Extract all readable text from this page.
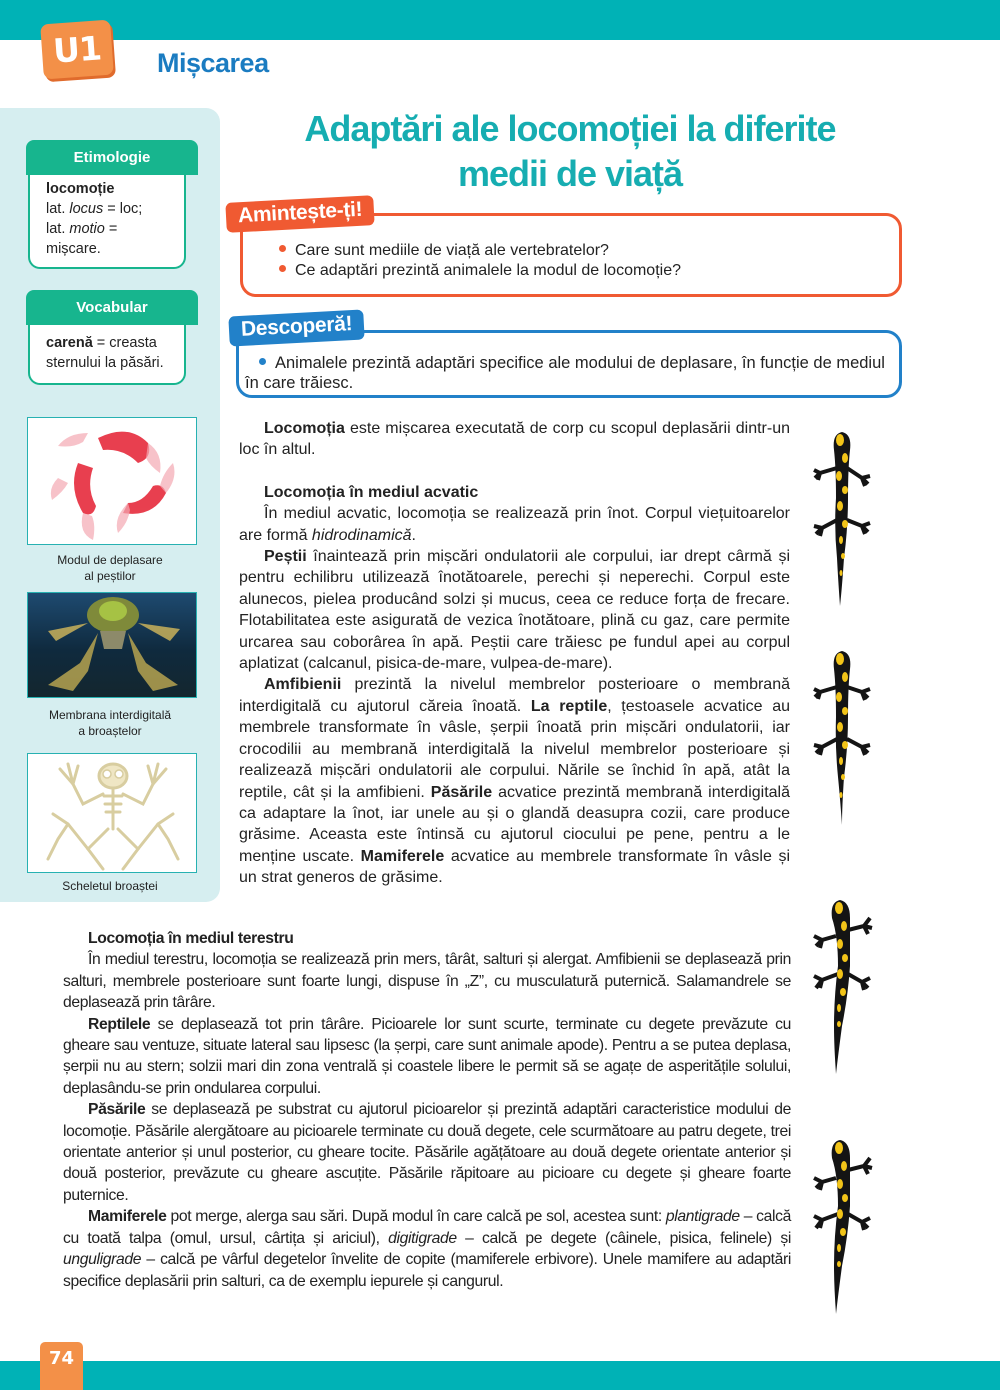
U1 Mișcarea
Etimologie
locomoție
lat. locus = loc;
lat. motio = mișcare.
Vocabular
carenă = creasta sternului la păsări.
Modul de deplasare
al peștilor
Membrana interdigitală
a broaștelor
Scheletul broaștei
Adaptări ale locomoției la diferite
medii de viață
Care sunt mediile de viață ale vertebratelor?
Ce adaptări prezintă animalele la modul de locomoție?
Amintește-ți!
Animalele prezintă adaptări specifice ale modului de deplasare, în funcție de mediul în care trăiesc.
Descoperă!

Locomoția este mișcarea executată de corp cu scopul deplasării dintr-un loc în altul.

Locomoția în mediul acvatic

În mediul acvatic, locomoția se realizează prin înot. Corpul viețuitoarelor are formă hidrodinamică.

Peștii înaintează prin mișcări ondulatorii ale corpului, iar drept cârmă și pentru echilibru utilizează înotătoarele, perechi și neperechi. Corpul este alunecos, pielea producând solzi și mucus, ceea ce reduce forța de frecare. Flotabilitatea este asigurată de vezica înotătoare, plină cu gaz, care permite urcarea sau coborârea în apă. Peștii care trăiesc pe fundul apei au corpul aplatizat (calcanul, pisica-de-mare, vulpea-de-mare).

Amfibienii prezintă la nivelul membrelor posterioare o membrană interdigitală cu ajutorul căreia înoată. La reptile, țestoasele acvatice au membrele transformate în vâsle, șerpii înoată prin mișcări ondulatorii, iar crocodilii au membrană interdigitală la nivelul membrelor posterioare și realizează mișcări ondulatorii ale corpului. Nările se închid în apă, atât la reptile, cât și la amfibieni. Păsările acvatice prezintă membrană interdigitală ca adaptare la înot, iar unele au și o glandă deasupra cozii, care produce grăsime. Aceasta este întinsă cu ajutorul ciocului pe pene, pentru a le menține uscate. Mamiferele acvatice au membrele transformate în vâsle și un strat generos de grăsime.

Locomoția în mediul terestru

În mediul terestru, locomoția se realizează prin mers, târât, salturi și alergat. Amfibienii se deplasează prin salturi, membrele posterioare sunt foarte lungi, dispuse în „Z”, cu musculatură puternică. Salamandrele se deplasează prin târâre.

Reptilele se deplasează tot prin târâre. Picioarele lor sunt scurte, terminate cu degete prevăzute cu gheare sau ventuze, situate lateral sau lipsesc (la șerpi, care sunt animale apode). Pentru a se putea deplasa, șerpii nu au stern; solzii mari din zona ventrală și coastele libere le permit să se agațe de asperitățile solului, deplasându-se prin ondularea corpului.

Păsările se deplasează pe substrat cu ajutorul picioarelor și prezintă adaptări caracteristice modului de locomoție. Păsările alergătoare au picioarele terminate cu două degete, cele scurmătoare au patru degete, trei orientate anterior și unul posterior, cu gheare tocite. Păsările agățătoare au două degete orientate anterior și două posterior, prevăzute cu gheare ascuțite. Păsările răpitoare au picioare cu degete și gheare foarte puternice.

Mamiferele pot merge, alerga sau sări. După modul în care calcă pe sol, acestea sunt: plantigrade – calcă cu toată talpa (omul, ursul, cârtița și ariciul), digitigrade – calcă pe degete (câinele, pisica, felinele) și unguligrade – calcă pe vârful degetelor învelite de copite (mamiferele erbivore). Unele mamifere au adaptări specifice deplasării prin salturi, ca de exemplu iepurele și cangurul.

74
